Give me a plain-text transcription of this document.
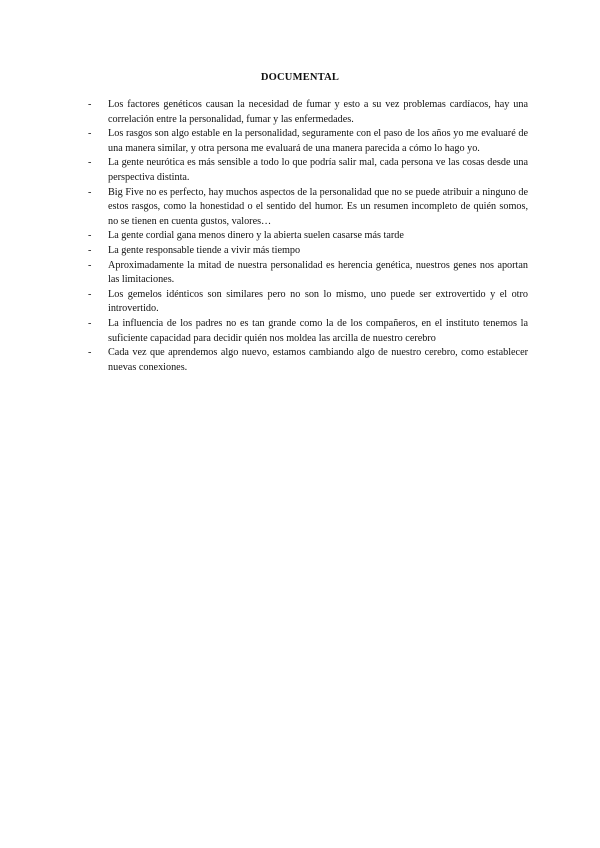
DOCUMENTAL
- Los factores genéticos causan la necesidad de fumar y esto a su vez problemas cardíacos, hay una correlación entre la personalidad, fumar y las enfermedades.
- Los rasgos son algo estable en la personalidad, seguramente con el paso de los años yo me evaluaré de una manera similar, y otra persona me evaluará de una manera parecida a cómo lo hago yo.
- La gente neurótica es más sensible a todo lo que podría salir mal, cada persona ve las cosas desde una perspectiva distinta.
- Big Five no es perfecto, hay muchos aspectos de la personalidad que no se puede atribuir a ninguno de estos rasgos, como la honestidad o el sentido del humor. Es un resumen incompleto de quién somos, no se tienen en cuenta gustos, valores…
- La gente cordial gana menos dinero y la abierta suelen casarse más tarde
- La gente responsable tiende a vivir más tiempo
- Aproximadamente la mitad de nuestra personalidad es herencia genética, nuestros genes nos aportan las limitaciones.
- Los gemelos idénticos son similares pero no son lo mismo, uno puede ser extrovertido y el otro introvertido.
- La influencia de los padres no es tan grande como la de los compañeros, en el instituto tenemos la suficiente capacidad para decidir quién nos moldea las arcilla de nuestro cerebro
- Cada vez que aprendemos algo nuevo, estamos cambiando algo de nuestro cerebro, como establecer nuevas conexiones.
